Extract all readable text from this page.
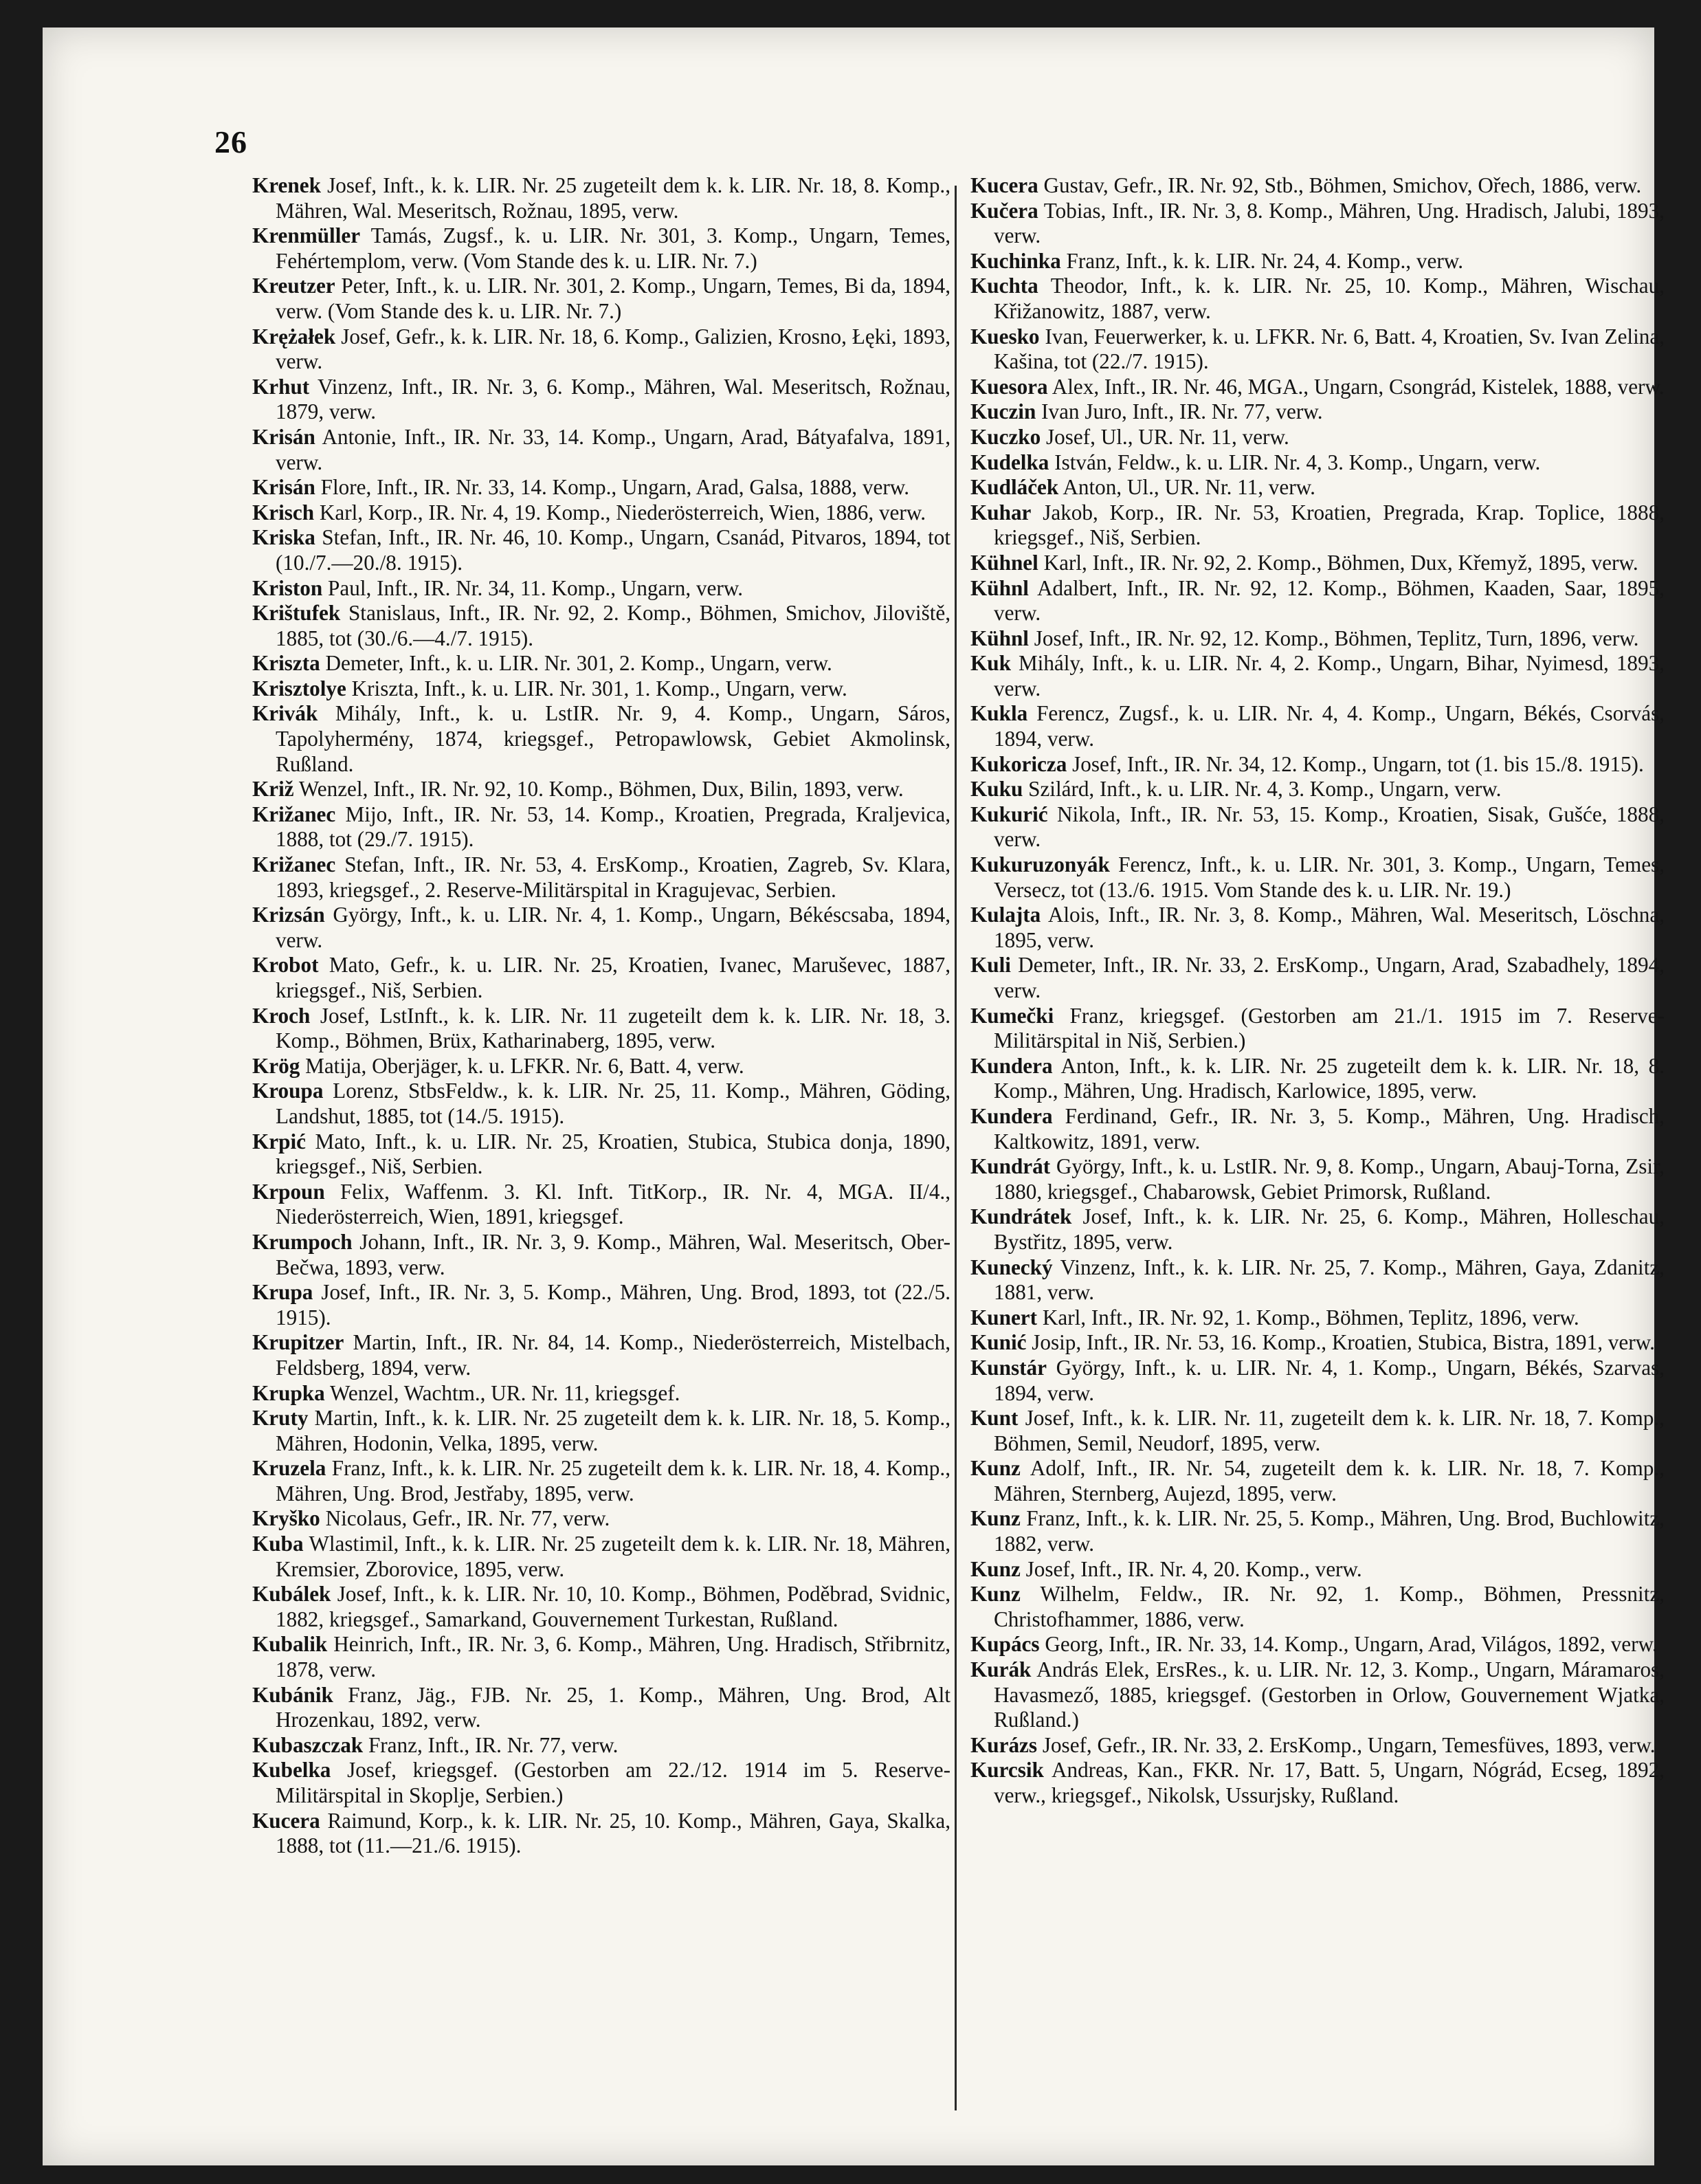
26

Krenek Josef, Inft., k. k. LIR. Nr. 25 zugeteilt dem k. k. LIR. Nr. 18, 8. Komp., Mähren, Wal. Meseritsch, Rožnau, 1895, verw.

Krenmüller Tamás, Zugsf., k. u. LIR. Nr. 301, 3. Komp., Ungarn, Temes, Fehértemplom, verw. (Vom Stande des k. u. LIR. Nr. 7.)

Kreutzer Peter, Inft., k. u. LIR. Nr. 301, 2. Komp., Ungarn, Temes, Bi da, 1894, verw. (Vom Stande des k. u. LIR. Nr. 7.)

Krężałek Josef, Gefr., k. k. LIR. Nr. 18, 6. Komp., Galizien, Krosno, Łęki, 1893, verw.

Krhut Vinzenz, Inft., IR. Nr. 3, 6. Komp., Mähren, Wal. Meseritsch, Rožnau, 1879, verw.

Krisán Antonie, Inft., IR. Nr. 33, 14. Komp., Ungarn, Arad, Bátyafalva, 1891, verw.

Krisán Flore, Inft., IR. Nr. 33, 14. Komp., Ungarn, Arad, Galsa, 1888, verw.

Krisch Karl, Korp., IR. Nr. 4, 19. Komp., Niederösterreich, Wien, 1886, verw.

Kriska Stefan, Inft., IR. Nr. 46, 10. Komp., Ungarn, Csanád, Pitvaros, 1894, tot (10./7.—20./8. 1915).

Kriston Paul, Inft., IR. Nr. 34, 11. Komp., Ungarn, verw.

Krištufek Stanislaus, Inft., IR. Nr. 92, 2. Komp., Böhmen, Smichov, Jiloviště, 1885, tot (30./6.—4./7. 1915).

Kriszta Demeter, Inft., k. u. LIR. Nr. 301, 2. Komp., Ungarn, verw.

Krisztolye Kriszta, Inft., k. u. LIR. Nr. 301, 1. Komp., Ungarn, verw.

Krivák Mihály, Inft., k. u. LstIR. Nr. 9, 4. Komp., Ungarn, Sáros, Tapolyhermény, 1874, kriegsgef., Petropawlowsk, Gebiet Akmolinsk, Rußland.

Križ Wenzel, Inft., IR. Nr. 92, 10. Komp., Böhmen, Dux, Bilin, 1893, verw.

Križanec Mijo, Inft., IR. Nr. 53, 14. Komp., Kroatien, Pregrada, Kraljevica, 1888, tot (29./7. 1915).

Križanec Stefan, Inft., IR. Nr. 53, 4. ErsKomp., Kroatien, Zagreb, Sv. Klara, 1893, kriegsgef., 2. Reserve-Militärspital in Kragujevac, Serbien.

Krizsán György, Inft., k. u. LIR. Nr. 4, 1. Komp., Ungarn, Békéscsaba, 1894, verw.

Krobot Mato, Gefr., k. u. LIR. Nr. 25, Kroatien, Ivanec, Maruševec, 1887, kriegsgef., Niš, Serbien.

Kroch Josef, LstInft., k. k. LIR. Nr. 11 zugeteilt dem k. k. LIR. Nr. 18, 3. Komp., Böhmen, Brüx, Katharinaberg, 1895, verw.

Krög Matija, Oberjäger, k. u. LFKR. Nr. 6, Batt. 4, verw.

Kroupa Lorenz, StbsFeldw., k. k. LIR. Nr. 25, 11. Komp., Mähren, Göding, Landshut, 1885, tot (14./5. 1915).

Krpić Mato, Inft., k. u. LIR. Nr. 25, Kroatien, Stubica, Stubica donja, 1890, kriegsgef., Niš, Serbien.

Krpoun Felix, Waffenm. 3. Kl. Inft. TitKorp., IR. Nr. 4, MGA. II/4., Niederösterreich, Wien, 1891, kriegsgef.

Krumpoch Johann, Inft., IR. Nr. 3, 9. Komp., Mähren, Wal. Meseritsch, Ober-Bečwa, 1893, verw.

Krupa Josef, Inft., IR. Nr. 3, 5. Komp., Mähren, Ung. Brod, 1893, tot (22./5. 1915).

Krupitzer Martin, Inft., IR. Nr. 84, 14. Komp., Niederösterreich, Mistelbach, Feldsberg, 1894, verw.

Krupka Wenzel, Wachtm., UR. Nr. 11, kriegsgef.

Kruty Martin, Inft., k. k. LIR. Nr. 25 zugeteilt dem k. k. LIR. Nr. 18, 5. Komp., Mähren, Hodonin, Velka, 1895, verw.

Kruzela Franz, Inft., k. k. LIR. Nr. 25 zugeteilt dem k. k. LIR. Nr. 18, 4. Komp., Mähren, Ung. Brod, Jestřaby, 1895, verw.

Kryško Nicolaus, Gefr., IR. Nr. 77, verw.

Kuba Wlastimil, Inft., k. k. LIR. Nr. 25 zugeteilt dem k. k. LIR. Nr. 18, Mähren, Kremsier, Zborovice, 1895, verw.

Kubálek Josef, Inft., k. k. LIR. Nr. 10, 10. Komp., Böhmen, Poděbrad, Svidnic, 1882, kriegsgef., Samarkand, Gouvernement Turkestan, Rußland.

Kubalik Heinrich, Inft., IR. Nr. 3, 6. Komp., Mähren, Ung. Hradisch, Střibrnitz, 1878, verw.

Kubánik Franz, Jäg., FJB. Nr. 25, 1. Komp., Mähren, Ung. Brod, Alt Hrozenkau, 1892, verw.

Kubaszczak Franz, Inft., IR. Nr. 77, verw.

Kubelka Josef, kriegsgef. (Gestorben am 22./12. 1914 im 5. Reserve-Militärspital in Skoplje, Serbien.)

Kucera Raimund, Korp., k. k. LIR. Nr. 25, 10. Komp., Mähren, Gaya, Skalka, 1888, tot (11.—21./6. 1915).

Kucera Gustav, Gefr., IR. Nr. 92, Stb., Böhmen, Smichov, Ořech, 1886, verw.

Kučera Tobias, Inft., IR. Nr. 3, 8. Komp., Mähren, Ung. Hradisch, Jalubi, 1893, verw.

Kuchinka Franz, Inft., k. k. LIR. Nr. 24, 4. Komp., verw.

Kuchta Theodor, Inft., k. k. LIR. Nr. 25, 10. Komp., Mähren, Wischau, Křižanowitz, 1887, verw.

Kuesko Ivan, Feuerwerker, k. u. LFKR. Nr. 6, Batt. 4, Kroatien, Sv. Ivan Zelina, Kašina, tot (22./7. 1915).

Kuesora Alex, Inft., IR. Nr. 46, MGA., Ungarn, Csongrád, Kistelek, 1888, verw.

Kuczin Ivan Juro, Inft., IR. Nr. 77, verw.

Kuczko Josef, Ul., UR. Nr. 11, verw.

Kudelka István, Feldw., k. u. LIR. Nr. 4, 3. Komp., Ungarn, verw.

Kudláček Anton, Ul., UR. Nr. 11, verw.

Kuhar Jakob, Korp., IR. Nr. 53, Kroatien, Pregrada, Krap. Toplice, 1888, kriegsgef., Niš, Serbien.

Kühnel Karl, Inft., IR. Nr. 92, 2. Komp., Böhmen, Dux, Křemyž, 1895, verw.

Kühnl Adalbert, Inft., IR. Nr. 92, 12. Komp., Böhmen, Kaaden, Saar, 1895, verw.

Kühnl Josef, Inft., IR. Nr. 92, 12. Komp., Böhmen, Teplitz, Turn, 1896, verw.

Kuk Mihály, Inft., k. u. LIR. Nr. 4, 2. Komp., Ungarn, Bihar, Nyimesd, 1893, verw.

Kukla Ferencz, Zugsf., k. u. LIR. Nr. 4, 4. Komp., Ungarn, Békés, Csorvás, 1894, verw.

Kukoricza Josef, Inft., IR. Nr. 34, 12. Komp., Ungarn, tot (1. bis 15./8. 1915).

Kuku Szilárd, Inft., k. u. LIR. Nr. 4, 3. Komp., Ungarn, verw.

Kukurić Nikola, Inft., IR. Nr. 53, 15. Komp., Kroatien, Sisak, Gušće, 1888, verw.

Kukuruzonyák Ferencz, Inft., k. u. LIR. Nr. 301, 3. Komp., Ungarn, Temes, Versecz, tot (13./6. 1915. Vom Stande des k. u. LIR. Nr. 19.)

Kulajta Alois, Inft., IR. Nr. 3, 8. Komp., Mähren, Wal. Meseritsch, Löschna, 1895, verw.

Kuli Demeter, Inft., IR. Nr. 33, 2. ErsKomp., Ungarn, Arad, Szabadhely, 1894, verw.

Kumečki Franz, kriegsgef. (Gestorben am 21./1. 1915 im 7. Reserve-Militärspital in Niš, Serbien.)

Kundera Anton, Inft., k. k. LIR. Nr. 25 zugeteilt dem k. k. LIR. Nr. 18, 8. Komp., Mähren, Ung. Hradisch, Karlowice, 1895, verw.

Kundera Ferdinand, Gefr., IR. Nr. 3, 5. Komp., Mähren, Ung. Hradisch, Kaltkowitz, 1891, verw.

Kundrát György, Inft., k. u. LstIR. Nr. 9, 8. Komp., Ungarn, Abauj-Torna, Zsir, 1880, kriegsgef., Chabarowsk, Gebiet Primorsk, Rußland.

Kundrátek Josef, Inft., k. k. LIR. Nr. 25, 6. Komp., Mähren, Holleschau, Bystřitz, 1895, verw.

Kunecký Vinzenz, Inft., k. k. LIR. Nr. 25, 7. Komp., Mähren, Gaya, Zdanitz, 1881, verw.

Kunert Karl, Inft., IR. Nr. 92, 1. Komp., Böhmen, Teplitz, 1896, verw.

Kunić Josip, Inft., IR. Nr. 53, 16. Komp., Kroatien, Stubica, Bistra, 1891, verw.

Kunstár György, Inft., k. u. LIR. Nr. 4, 1. Komp., Ungarn, Békés, Szarvas, 1894, verw.

Kunt Josef, Inft., k. k. LIR. Nr. 11, zugeteilt dem k. k. LIR. Nr. 18, 7. Komp., Böhmen, Semil, Neudorf, 1895, verw.

Kunz Adolf, Inft., IR. Nr. 54, zugeteilt dem k. k. LIR. Nr. 18, 7. Komp., Mähren, Sternberg, Aujezd, 1895, verw.

Kunz Franz, Inft., k. k. LIR. Nr. 25, 5. Komp., Mähren, Ung. Brod, Buchlowitz, 1882, verw.

Kunz Josef, Inft., IR. Nr. 4, 20. Komp., verw.

Kunz Wilhelm, Feldw., IR. Nr. 92, 1. Komp., Böhmen, Pressnitz, Christofhammer, 1886, verw.

Kupács Georg, Inft., IR. Nr. 33, 14. Komp., Ungarn, Arad, Világos, 1892, verw.

Kurák András Elek, ErsRes., k. u. LIR. Nr. 12, 3. Komp., Ungarn, Máramaros, Havasmező, 1885, kriegsgef. (Gestorben in Orlow, Gouvernement Wjatka, Rußland.)

Kurázs Josef, Gefr., IR. Nr. 33, 2. ErsKomp., Ungarn, Temesfüves, 1893, verw.

Kurcsik Andreas, Kan., FKR. Nr. 17, Batt. 5, Ungarn, Nógrád, Ecseg, 1892, verw., kriegsgef., Nikolsk, Ussurjsky, Rußland.
